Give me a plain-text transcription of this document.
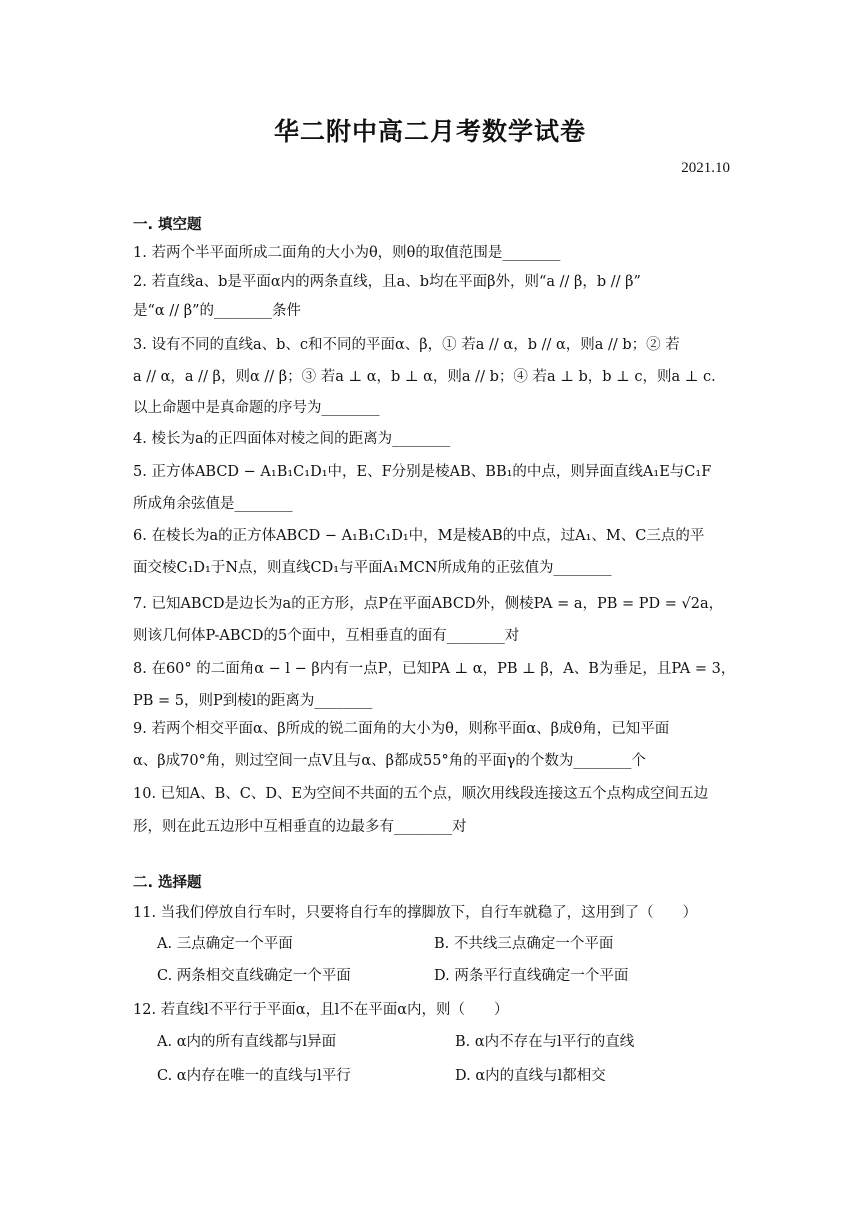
华二附中高二月考数学试卷
2021.10
一. 填空题
1. 若两个半平面所成二面角的大小为θ，则θ的取值范围是________
2. 若直线a、b是平面α内的两条直线，且a、b均在平面β外，则“a // β，b // β”
是“α // β”的________条件
3. 设有不同的直线a、b、c和不同的平面α、β，① 若a // α，b // α，则a // b；② 若
a // α，a // β，则α // β；③ 若a ⊥ α，b ⊥ α，则a // b；④ 若a ⊥ b，b ⊥ c，则a ⊥ c.
以上命题中是真命题的序号为________
4. 棱长为a的正四面体对棱之间的距离为________
5. 正方体ABCD − A₁B₁C₁D₁中，E、F分别是棱AB、BB₁的中点，则异面直线A₁E与C₁F
所成角余弦值是________
6. 在棱长为a的正方体ABCD − A₁B₁C₁D₁中，M是棱AB的中点，过A₁、M、C三点的平
面交棱C₁D₁于N点，则直线CD₁与平面A₁MCN所成角的正弦值为________
7. 已知ABCD是边长为a的正方形，点P在平面ABCD外，侧棱PA = a，PB = PD = √2a，
则该几何体P-ABCD的5个面中，互相垂直的面有________对
8. 在60° 的二面角α − l − β内有一点P，已知PA ⊥ α，PB ⊥ β，A、B为垂足，且PA = 3，
PB = 5，则P到棱l的距离为________
9. 若两个相交平面α、β所成的锐二面角的大小为θ，则称平面α、β成θ角，已知平面
α、β成70°角，则过空间一点V且与α、β都成55°角的平面γ的个数为________个
10. 已知A、B、C、D、E为空间不共面的五个点，顺次用线段连接这五个点构成空间五边
形，则在此五边形中互相垂直的边最多有________对
二. 选择题
11. 当我们停放自行车时，只要将自行车的撑脚放下，自行车就稳了，这用到了（　　）
A. 三点确定一个平面	B. 不共线三点确定一个平面
C. 两条相交直线确定一个平面	D. 两条平行直线确定一个平面
12. 若直线l不平行于平面α，且l不在平面α内，则（　　）
A. α内的所有直线都与l异面	B. α内不存在与l平行的直线
C. α内存在唯一的直线与l平行	D. α内的直线与l都相交
